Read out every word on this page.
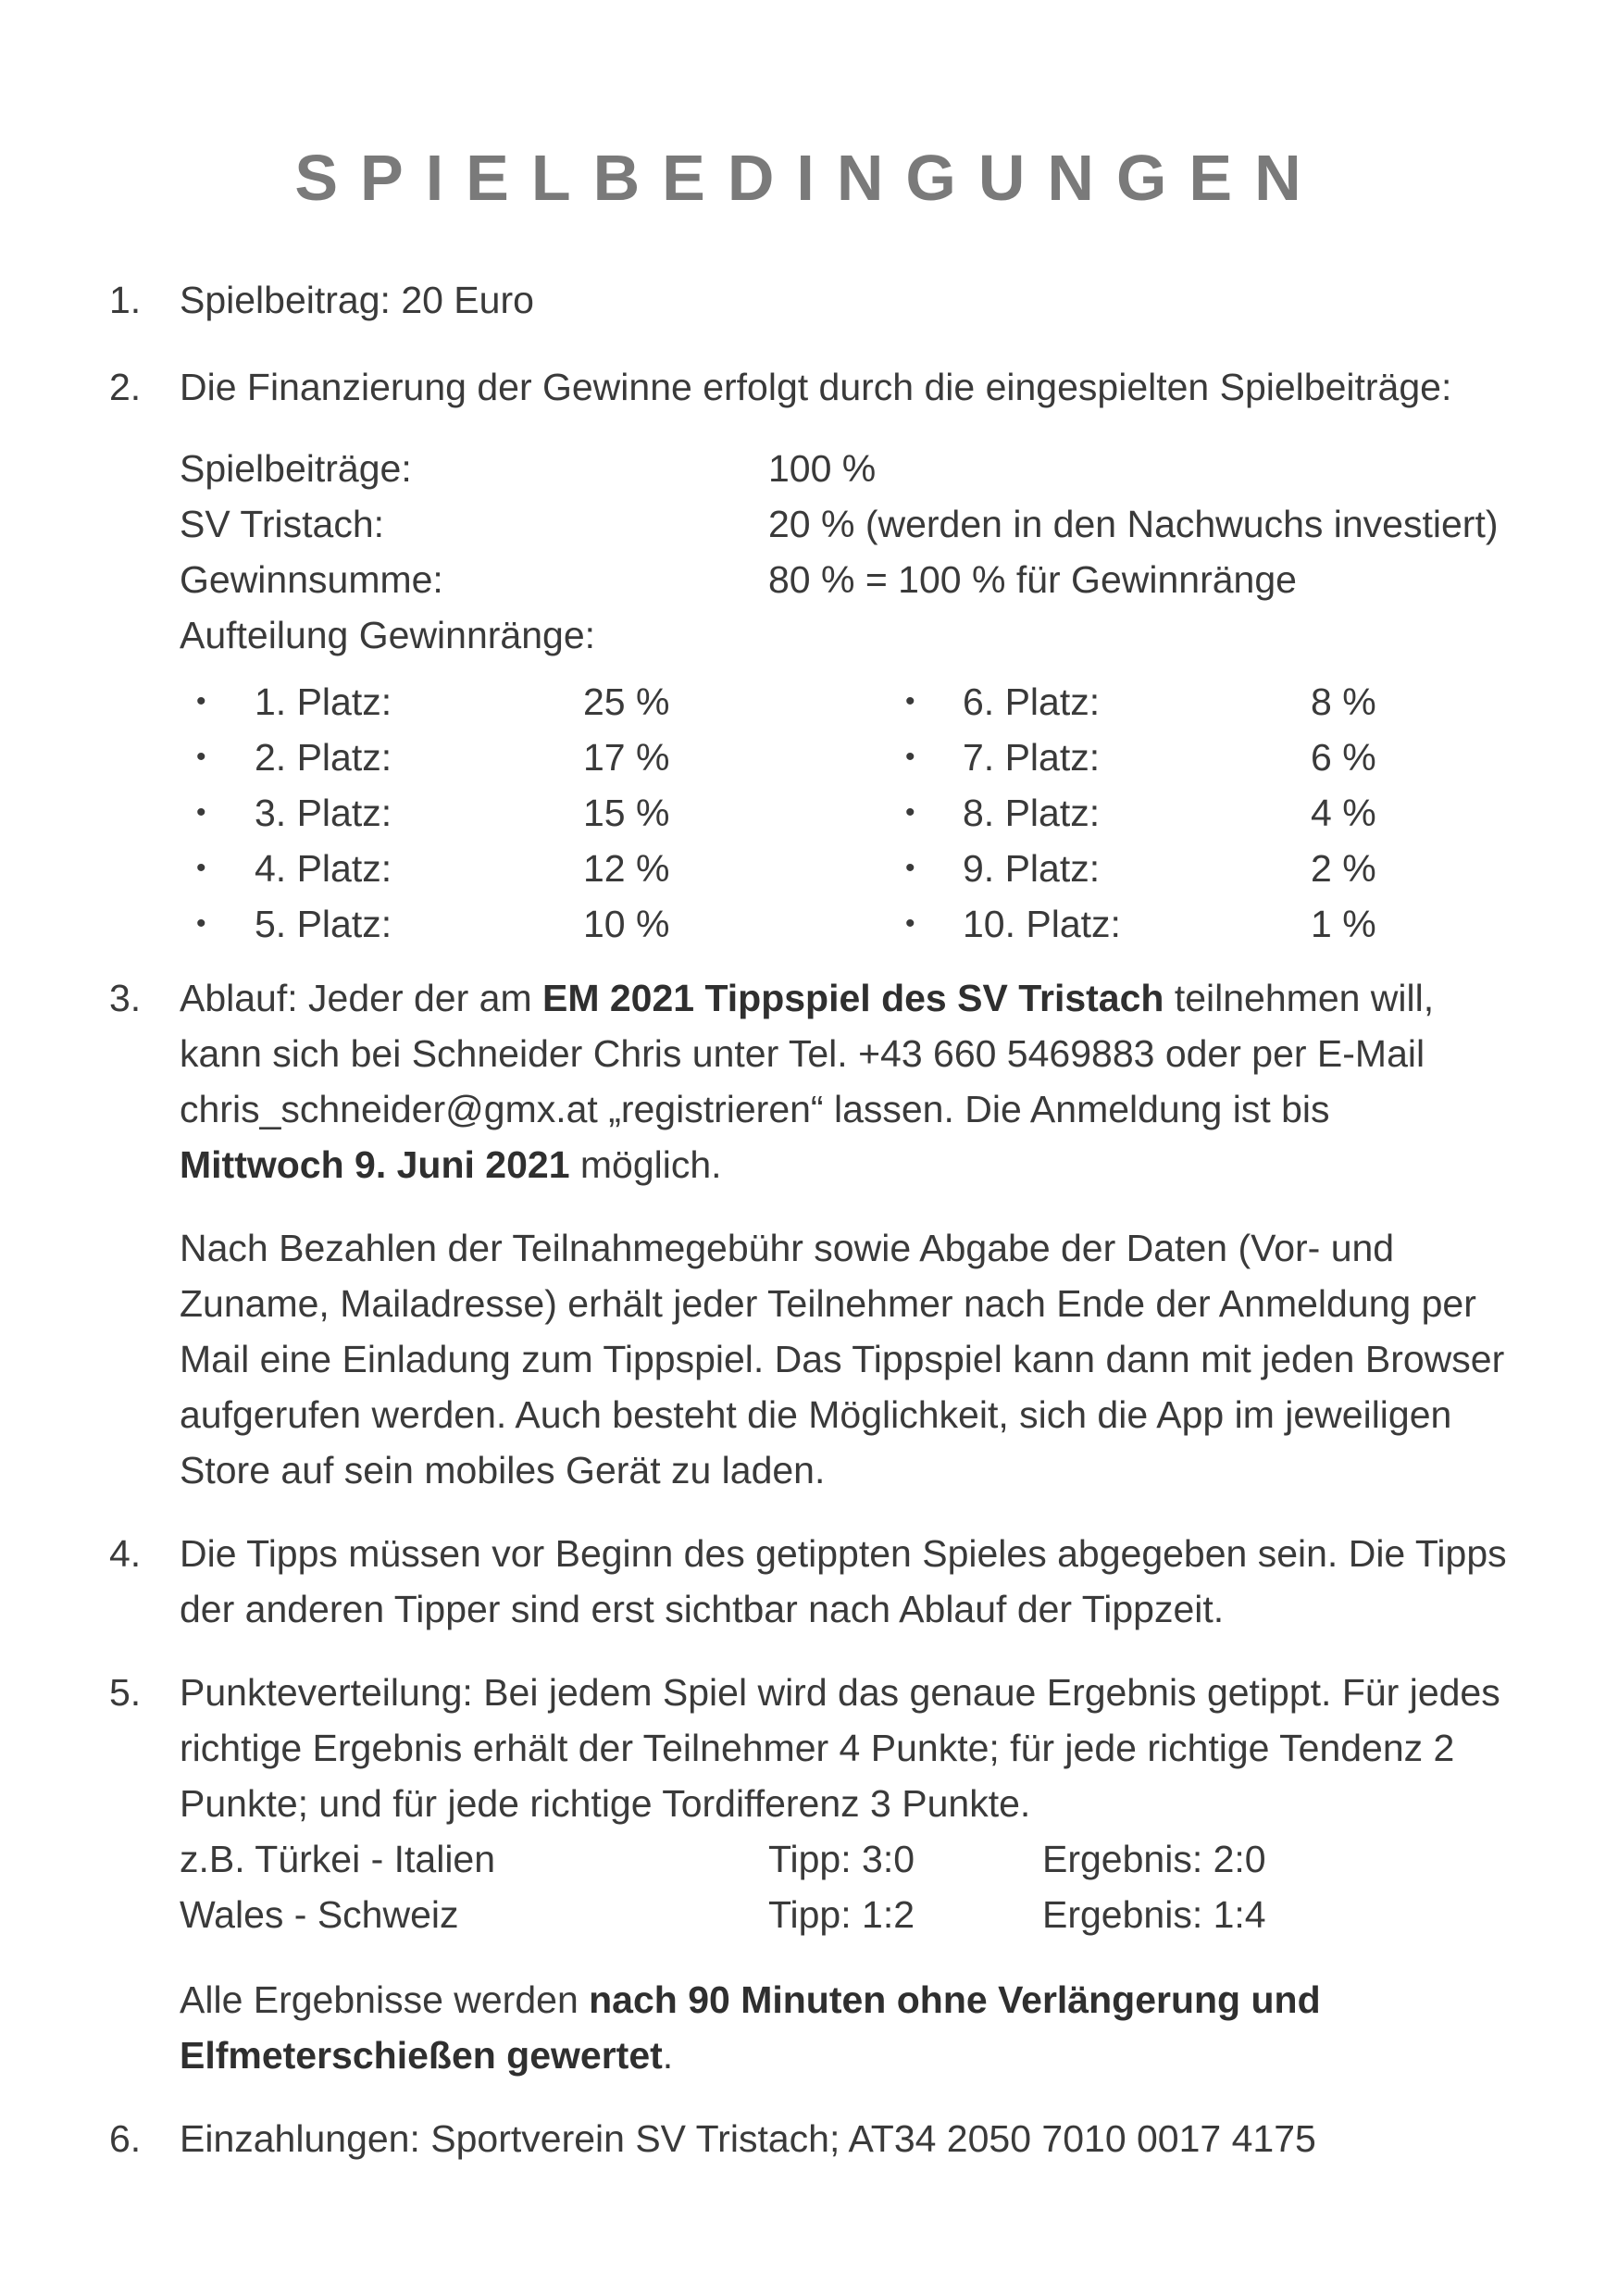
SPIELBEDINGUNGEN
1. Spielbeitrag: 20 Euro
2. Die Finanzierung der Gewinne erfolgt durch die eingespielten Spielbeiträge:
Spielbeiträge:	100 %
SV Tristach:	20 % (werden in den Nachwuchs investiert)
Gewinnsumme:	80 % = 100 % für Gewinnränge
Aufteilung Gewinnränge:
• 1. Platz:	25 %
• 2. Platz:	17 %
• 3. Platz:	15 %
• 4. Platz:	12 %
• 5. Platz:	10 %
• 6. Platz:	8 %
• 7. Platz:	6 %
• 8. Platz:	4 %
• 9. Platz:	2 %
• 10. Platz:	1 %
3. Ablauf: Jeder der am EM 2021 Tippspiel des SV Tristach teilnehmen will,
kann sich bei Schneider Chris unter Tel. +43 660 5469883 oder per E-Mail
chris_schneider@gmx.at „registrieren“ lassen. Die Anmeldung ist bis
Mittwoch 9. Juni 2021 möglich.
Nach Bezahlen der Teilnahmegebühr sowie Abgabe der Daten (Vor- und
Zuname, Mailadresse) erhält jeder Teilnehmer nach Ende der Anmeldung per
Mail eine Einladung zum Tippspiel. Das Tippspiel kann dann mit jeden Browser
aufgerufen werden. Auch besteht die Möglichkeit, sich die App im jeweiligen
Store auf sein mobiles Gerät zu laden.
4. Die Tipps müssen vor Beginn des getippten Spieles abgegeben sein. Die Tipps
der anderen Tipper sind erst sichtbar nach Ablauf der Tippzeit.
5. Punkteverteilung: Bei jedem Spiel wird das genaue Ergebnis getippt. Für jedes
richtige Ergebnis erhält der Teilnehmer 4 Punkte; für jede richtige Tendenz 2
Punkte; und für jede richtige Tordifferenz 3 Punkte.
z.B. Türkei - Italien	Tipp: 3:0	Ergebnis: 2:0
Wales - Schweiz	Tipp: 1:2	Ergebnis: 1:4
Alle Ergebnisse werden nach 90 Minuten ohne Verlängerung und
Elfmeterschießen gewertet.
6. Einzahlungen: Sportverein SV Tristach; AT34 2050 7010 0017 4175
